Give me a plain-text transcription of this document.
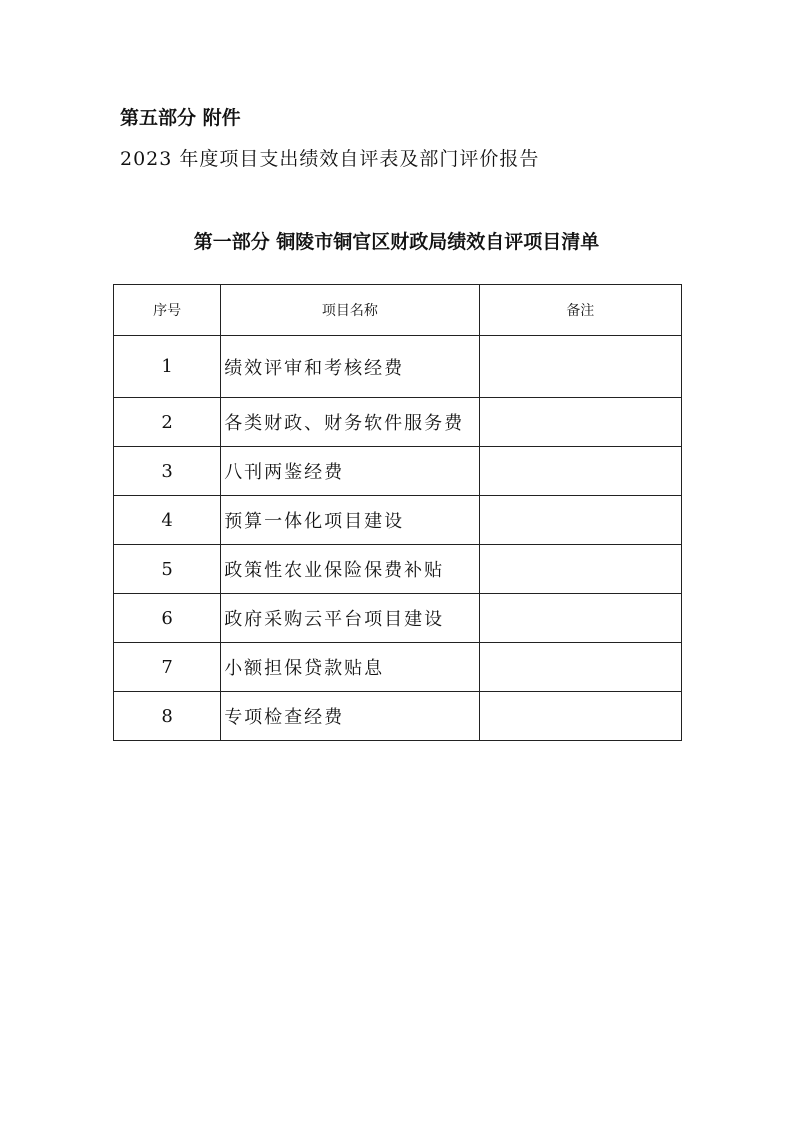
第五部分 附件
2023 年度项目支出绩效自评表及部门评价报告
第一部分 铜陵市铜官区财政局绩效自评项目清单
序号	项目名称	备注
1	绩效评审和考核经费	
2	各类财政、财务软件服务费	
3	八刊两鉴经费	
4	预算一体化项目建设	
5	政策性农业保险保费补贴	
6	政府采购云平台项目建设	
7	小额担保贷款贴息	
8	专项检查经费	
